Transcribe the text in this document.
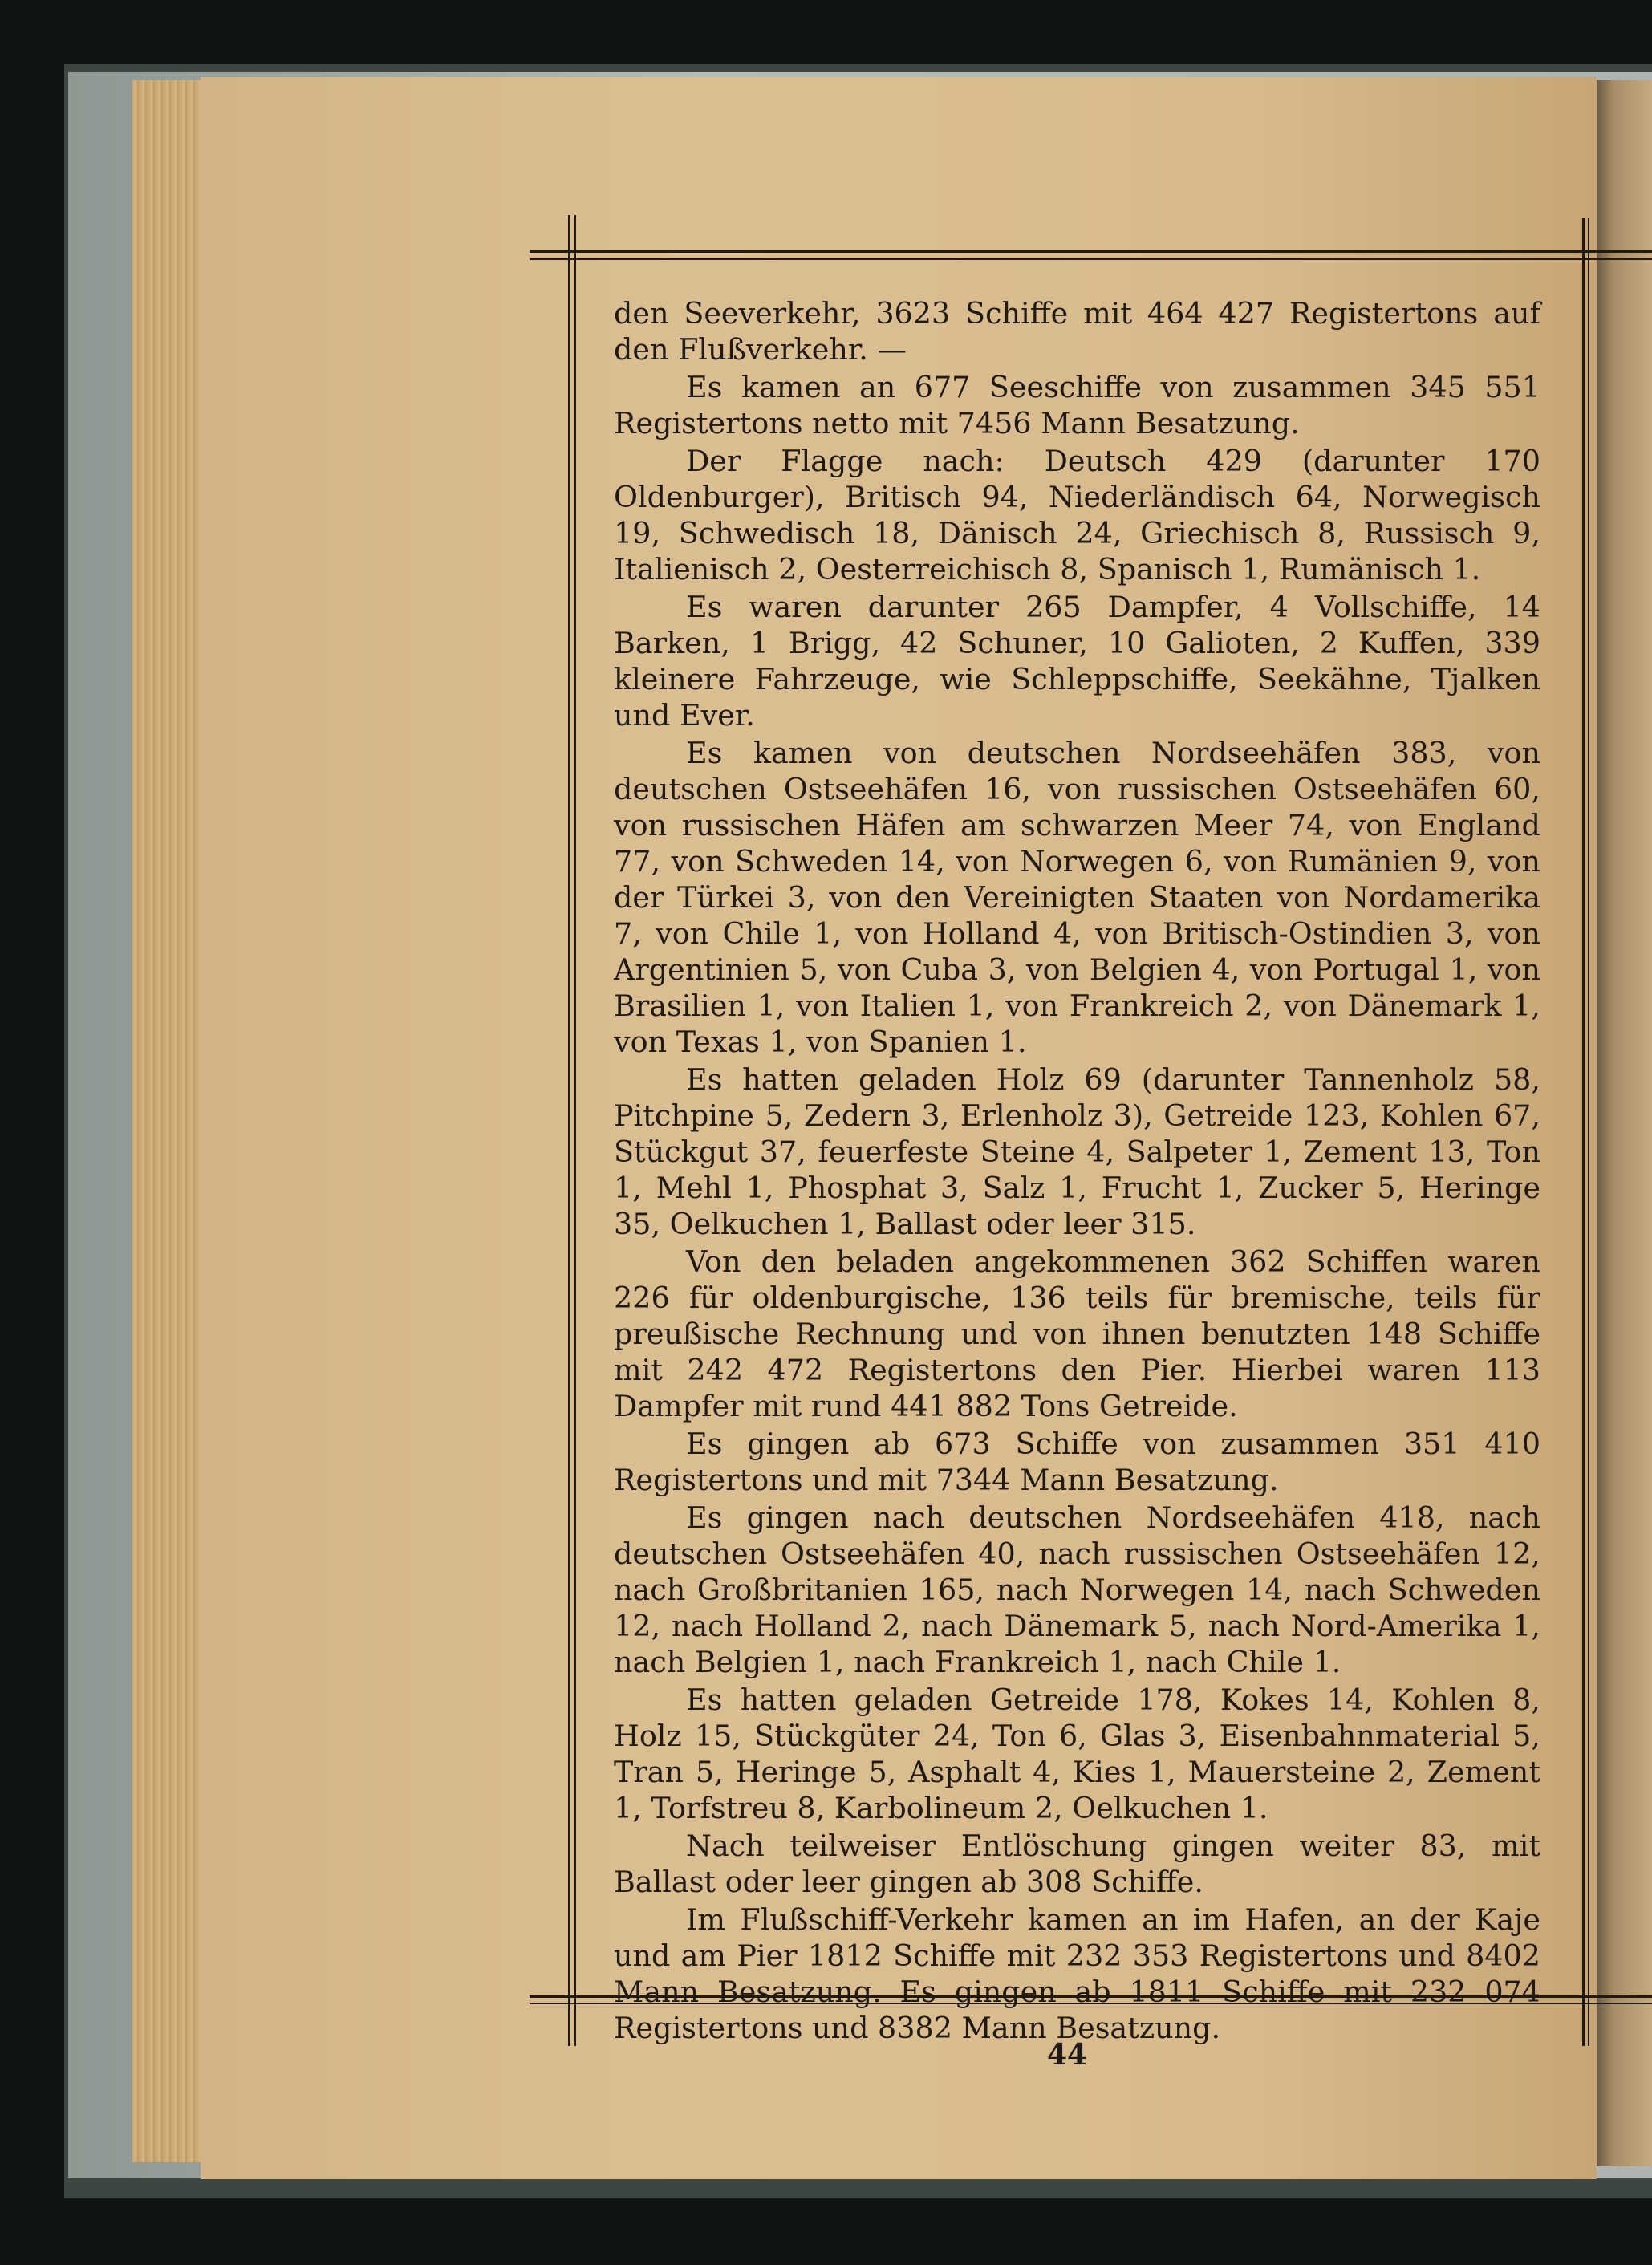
den Seeverkehr, 3623 Schiffe mit 464 427 Registertons auf den Flußverkehr. —

Es kamen an 677 Seeschiffe von zusammen 345 551 Registertons netto mit 7456 Mann Besatzung.

Der Flagge nach: Deutsch 429 (darunter 170 Oldenburger), Britisch 94, Niederländisch 64, Norwegisch 19, Schwedisch 18, Dänisch 24, Griechisch 8, Russisch 9, Italienisch 2, Oesterreichisch 8, Spanisch 1, Rumänisch 1.

Es waren darunter 265 Dampfer, 4 Vollschiffe, 14 Barken, 1 Brigg, 42 Schuner, 10 Galioten, 2 Kuffen, 339 kleinere Fahrzeuge, wie Schleppschiffe, Seekähne, Tjalken und Ever.

Es kamen von deutschen Nordseehäfen 383, von deutschen Ostseehäfen 16, von russischen Ostseehäfen 60, von russischen Häfen am schwarzen Meer 74, von England 77, von Schweden 14, von Norwegen 6, von Rumänien 9, von der Türkei 3, von den Vereinigten Staaten von Nordamerika 7, von Chile 1, von Holland 4, von Britisch-Ostindien 3, von Argentinien 5, von Cuba 3, von Belgien 4, von Portugal 1, von Brasilien 1, von Italien 1, von Frankreich 2, von Dänemark 1, von Texas 1, von Spanien 1.

Es hatten geladen Holz 69 (darunter Tannenholz 58, Pitchpine 5, Zedern 3, Erlenholz 3), Getreide 123, Kohlen 67, Stückgut 37, feuerfeste Steine 4, Salpeter 1, Zement 13, Ton 1, Mehl 1, Phosphat 3, Salz 1, Frucht 1, Zucker 5, Heringe 35, Oelkuchen 1, Ballast oder leer 315.

Von den beladen angekommenen 362 Schiffen waren 226 für oldenburgische, 136 teils für bremische, teils für preußische Rechnung und von ihnen benutzten 148 Schiffe mit 242 472 Registertons den Pier. Hierbei waren 113 Dampfer mit rund 441 882 Tons Getreide.

Es gingen ab 673 Schiffe von zusammen 351 410 Registertons und mit 7344 Mann Besatzung.

Es gingen nach deutschen Nordseehäfen 418, nach deutschen Ostseehäfen 40, nach russischen Ostseehäfen 12, nach Großbritanien 165, nach Norwegen 14, nach Schweden 12, nach Holland 2, nach Dänemark 5, nach Nord-Amerika 1, nach Belgien 1, nach Frankreich 1, nach Chile 1.

Es hatten geladen Getreide 178, Kokes 14, Kohlen 8, Holz 15, Stückgüter 24, Ton 6, Glas 3, Eisenbahnmaterial 5, Tran 5, Heringe 5, Asphalt 4, Kies 1, Mauersteine 2, Zement 1, Torfstreu 8, Karbolineum 2, Oelkuchen 1.

Nach teilweiser Entlöschung gingen weiter 83, mit Ballast oder leer gingen ab 308 Schiffe.

Im Flußschiff-Verkehr kamen an im Hafen, an der Kaje und am Pier 1812 Schiffe mit 232 353 Registertons und 8402 Mann Besatzung. Es gingen ab 1811 Schiffe mit 232 074 Registertons und 8382 Mann Besatzung.

44
